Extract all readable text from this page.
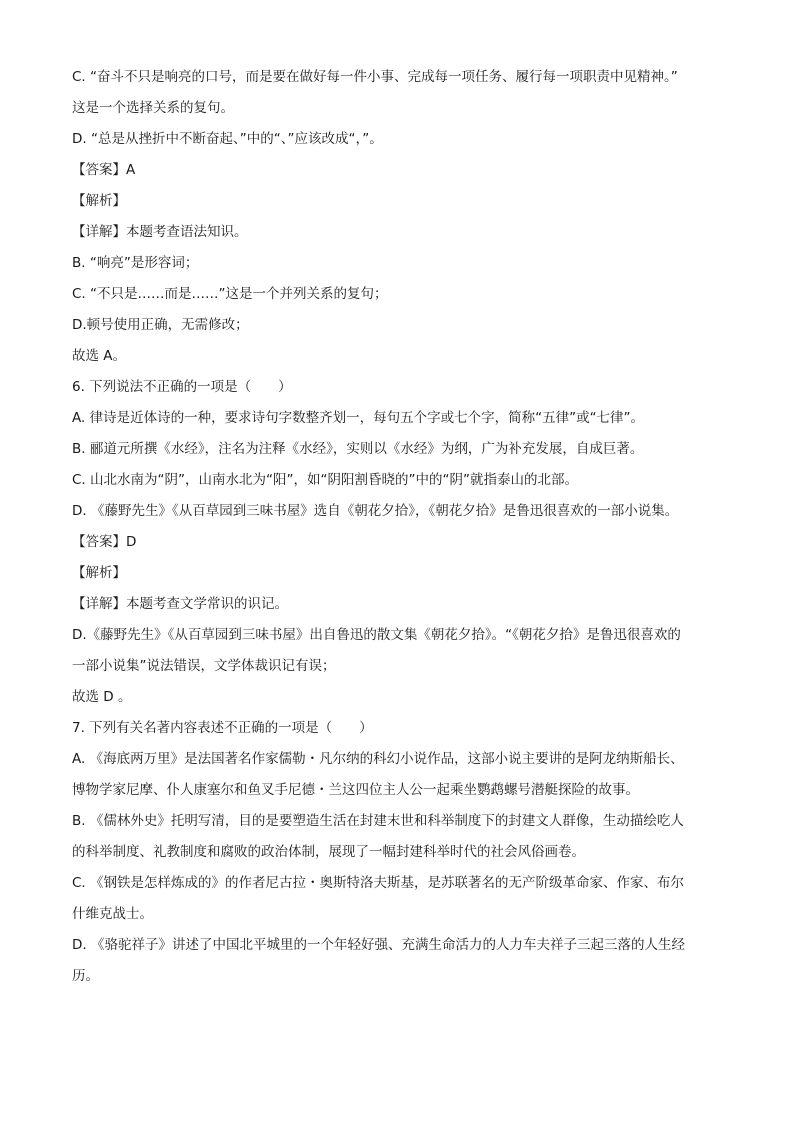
C. “奋斗不只是响亮的口号，而是要在做好每一件小事、完成每一项任务、履行每一项职责中见精神。”
这是一个选择关系的复句。
D. “总是从挫折中不断奋起、”中的“、”应该改成“，”。
【答案】A
【解析】
【详解】本题考查语法知识。
B. “响亮”是形容词；
C. “不只是……而是……”这是一个并列关系的复句；
D.顿号使用正确，无需修改；
故选 A。
6. 下列说法不正确的一项是（　　）
A. 律诗是近体诗的一种，要求诗句字数整齐划一，每句五个字或七个字，简称“五律”或“七律”。
B. 郦道元所撰《水经》，注名为注释《水经》，实则以《水经》为纲，广为补充发展，自成巨著。
C. 山北水南为“阴”，山南水北为“阳”，如“阴阳割昏晓的”中的“阴”就指泰山的北部。
D. 《藤野先生》《从百草园到三味书屋》选自《朝花夕拾》，《朝花夕拾》是鲁迅很喜欢的一部小说集。
【答案】D
【解析】
【详解】本题考查文学常识的识记。
D.《藤野先生》《从百草园到三味书屋》出自鲁迅的散文集《朝花夕拾》。“《朝花夕拾》是鲁迅很喜欢的
一部小说集”说法错误，文学体裁识记有误；
故选 D 。
7. 下列有关名著内容表述不正确的一项是（　　）
A. 《海底两万里》是法国著名作家儒勒・凡尔纳的科幻小说作品，这部小说主要讲的是阿龙纳斯船长、
博物学家尼摩、仆人康塞尔和鱼叉手尼德・兰这四位主人公一起乘坐鹦鹉螺号潜艇探险的故事。
B. 《儒林外史》托明写清，目的是要塑造生活在封建末世和科举制度下的封建文人群像，生动描绘吃人
的科举制度、礼教制度和腐败的政治体制，展现了一幅封建科举时代的社会风俗画卷。
C. 《钢铁是怎样炼成的》的作者尼古拉・奥斯特洛夫斯基，是苏联著名的无产阶级革命家、作家、布尔
什维克战士。
D. 《骆驼祥子》讲述了中国北平城里的一个年轻好强、充满生命活力的人力车夫祥子三起三落的人生经
历。
